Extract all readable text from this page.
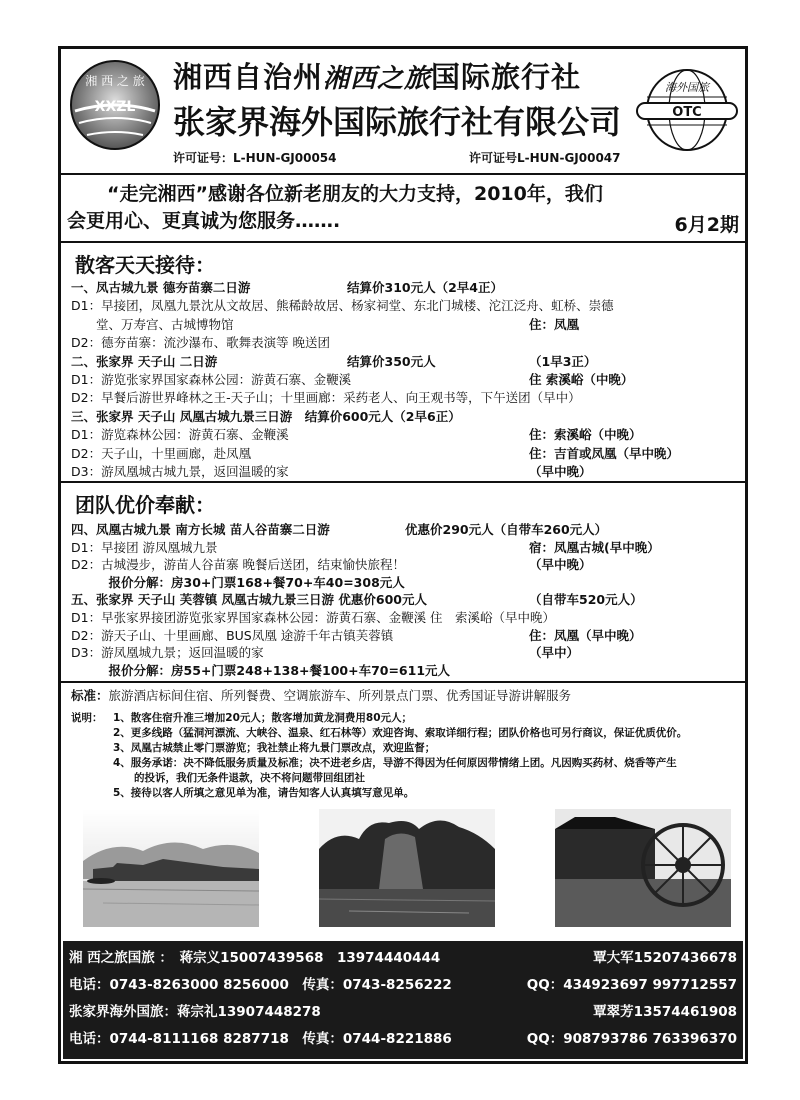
湘 西 之 旅
XXZL
湘西自治州湘西之旅国际旅行社
张家界海外国际旅行社有限公司
许可证号：L-HUN-GJ00054	许可证号L-HUN-GJ00047
海外国旅
OTC

“走完湘西”感谢各位新老朋友的大力支持，2010年，我们

会更用心、更真诚为您服务…….	6月2期
散客天天接待：
一、凤古城九景 德夯苗寨二日游	结算价310元人（2早4正）
D1：早接团，凤凰九景沈从文故居、熊稀龄故居、杨家祠堂、东北门城楼、沱江泛舟、虹桥、崇德
　　堂、万寿宫、古城博物馆	住：凤凰
D2：德夯苗寨：流沙瀑布、歌舞表演等 晚送团
二、张家界 天子山 二日游	结算价350元人	（1早3正）
D1：游览张家界国家森林公园：游黄石寨、金鞭溪	住 索溪峪（中晚）
D2：早餐后游世界峰林之王-天子山；十里画廊：采药老人、向王观书等，下午送团（早中）
三、张家界 天子山 凤凰古城九景三日游　结算价600元人（2早6正）
D1：游览森林公园：游黄石寨、金鞭溪	住：索溪峪（中晚）
D2：天子山，十里画廊，赴凤凰	住：吉首或凤凰（早中晚）
D3：游凤凰城古城九景，返回温暖的家	（早中晚）
团队优价奉献：
四、凤凰古城九景 南方长城 苗人谷苗寨二日游	优惠价290元人（自带车260元人）
D1：早接团 游凤凰城九景	宿：凤凰古城(早中晚）
D2：古城漫步，游苗人谷苗寨 晚餐后送团，结束愉快旅程！	（早中晚）
　　　报价分解：房30+门票168+餐70+车40=308元人
五、张家界 天子山 芙蓉镇 凤凰古城九景三日游 优惠价600元人	（自带车520元人）
D1：早张家界接团游览张家界国家森林公园：游黄石寨、金鞭溪 住　索溪峪（早中晚）
D2：游天子山、十里画廊、BUS凤凰 途游千年古镇芙蓉镇	住：凤凰（早中晚）
D3：游凤凰城九景；返回温暖的家	（早中）
　　　报价分解：房55+门票248+138+餐100+车70=611元人
标准：旅游酒店标间住宿、所列餐费、空调旅游车、所列景点门票、优秀国证导游讲解服务
说明： 1、散客住宿升准三增加20元人；散客增加黄龙洞费用80元人；
2、更多线路（猛洞河漂流、大峡谷、温泉、红石林等）欢迎咨询、索取详细行程；团队价格也可另行商议，保证优质优价。
3、凤凰古城禁止零门票游览；我社禁止将九景门票改点，欢迎监督；
4、服务承诺：决不降低服务质量及标准；决不进老乡店，导游不得因为任何原因带情绪上团。凡因购买药材、烧香等产生
　　的投诉，我们无条件退款，决不将问题带回组团社
5、接待以客人所填之意见单为准，请告知客人认真填写意见单。
湘 西之旅国旅 ：　蒋宗义15007439568　13974440444	覃大军15207436678
电话：0743-8263000 8256000　传真：0743-8256222	QQ：434923697 997712557
张家界海外国旅：蒋宗礼13907448278	覃翠芳13574461908
电话：0744-8111168 8287718　传真：0744-8221886	QQ：908793786 763396370
